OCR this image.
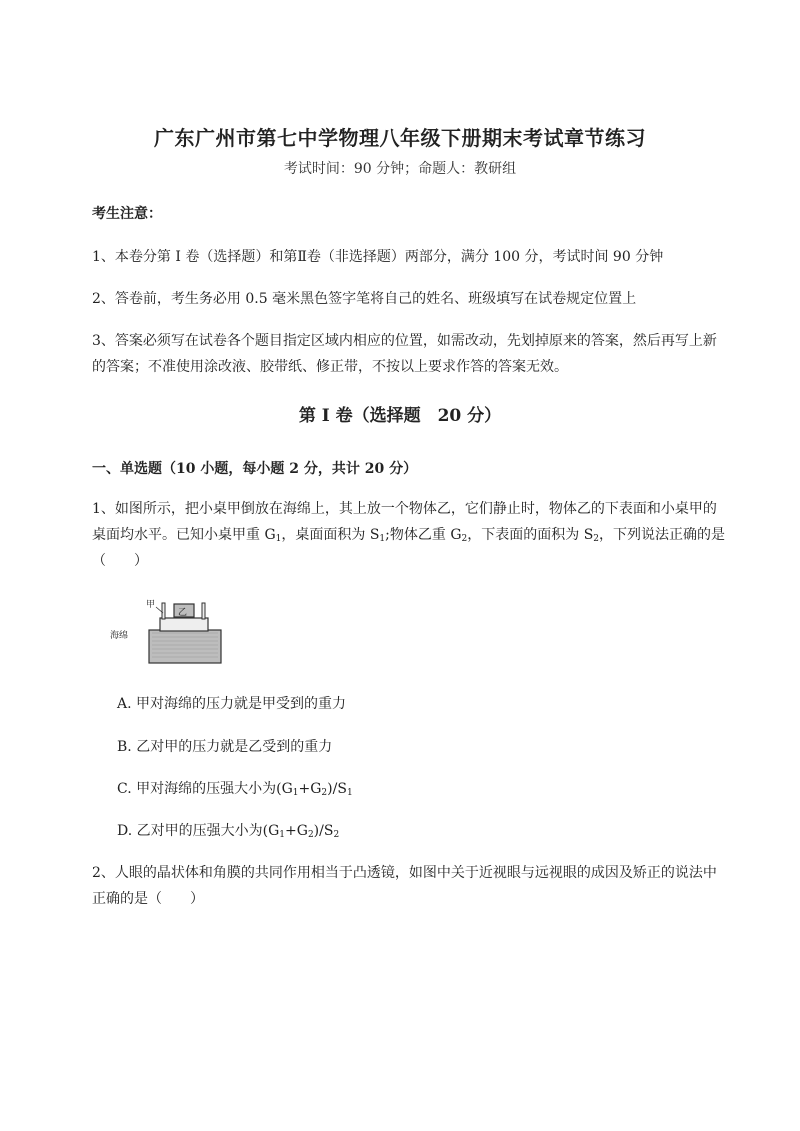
广东广州市第七中学物理八年级下册期末考试章节练习
考试时间：90 分钟；命题人：教研组
考生注意：
1、本卷分第 I 卷（选择题）和第Ⅱ卷（非选择题）两部分，满分 100 分，考试时间 90 分钟
2、答卷前，考生务必用 0.5 毫米黑色签字笔将自己的姓名、班级填写在试卷规定位置上
3、答案必须写在试卷各个题目指定区域内相应的位置，如需改动，先划掉原来的答案，然后再写上新
的答案；不准使用涂改液、胶带纸、修正带，不按以上要求作答的答案无效。
第 I 卷（选择题　20 分）
一、单选题（10 小题，每小题 2 分，共计 20 分）
1、如图所示，把小桌甲倒放在海绵上，其上放一个物体乙，它们静止时，物体乙的下表面和小桌甲的
桌面均水平。已知小桌甲重 $G_1$，桌面面积为 $S_1$;物体乙重 $G_2$，下表面的面积为 $S_2$，下列说法正确的是
（　　）
乙
甲
海绵
A. 甲对海绵的压力就是甲受到的重力
B. 乙对甲的压力就是乙受到的重力
C. 甲对海绵的压强大小为$(G_1+G_2)/S_1$
D. 乙对甲的压强大小为$(G_1+G_2)/S_2$
2、人眼的晶状体和角膜的共同作用相当于凸透镜，如图中关于近视眼与远视眼的成因及矫正的说法中
正确的是（　　）
